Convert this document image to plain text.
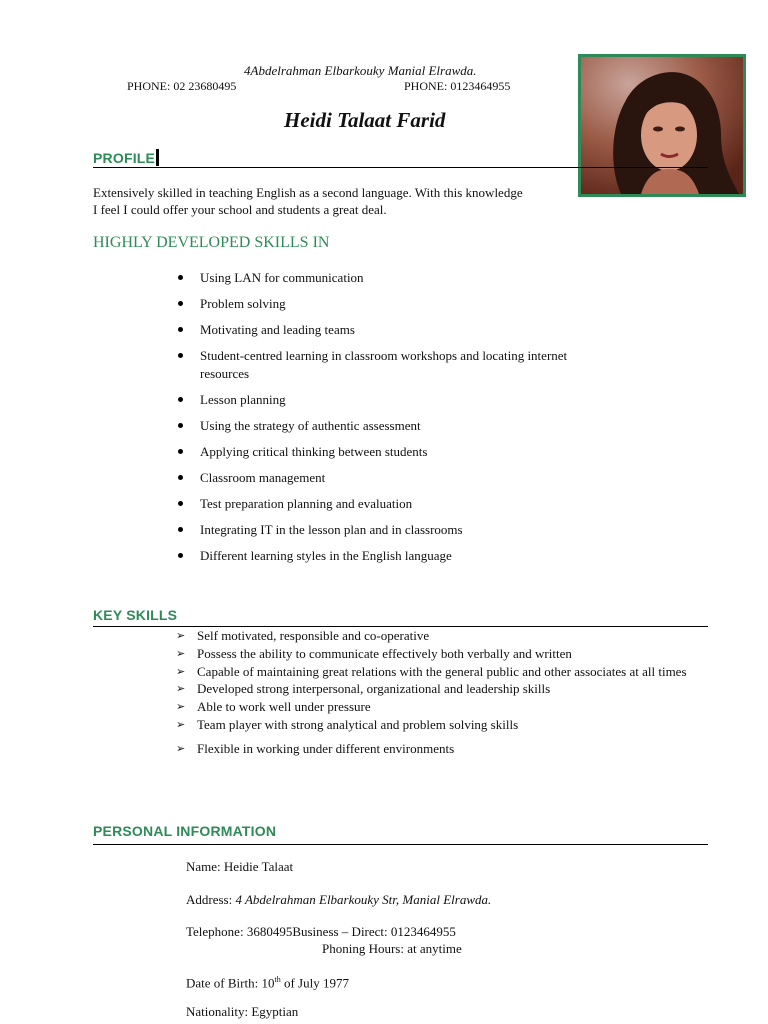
4Abdelrahman Elbarkouky Manial Elrawda.
PHONE: 02 23680495	PHONE: 0123464955
Heidi Talaat Farid
PROFILE
Extensively skilled in teaching English as a second language. With this knowledge
I feel I could offer your school and students a great deal.
HIGHLY DEVELOPED SKILLS IN
Using LAN for communication
Problem solving
Motivating and leading teams
Student-centred learning in classroom workshops and locating internet resources
Lesson planning
Using the strategy of authentic assessment
Applying critical thinking between students
Classroom management
Test preparation planning and evaluation
Integrating IT in the lesson plan and in classrooms
Different learning styles in the English language
KEY SKILLS
➢ Self motivated, responsible and co-operative
➢ Possess the ability to communicate effectively both verbally and written
➢ Capable of maintaining great relations with the general public and other associates at all times
➢ Developed strong interpersonal, organizational and leadership skills
➢ Able to work well under pressure
➢ Team player with strong analytical and problem solving skills
➢ Flexible in working under different environments
PERSONAL INFORMATION
Name: Heidie Talaat
Address: 4 Abdelrahman Elbarkouky Str, Manial Elrawda.
Telephone: 3680495Business – Direct: 0123464955
Phoning Hours: at anytime
Date of Birth: 10th of July 1977
Nationality: Egyptian
